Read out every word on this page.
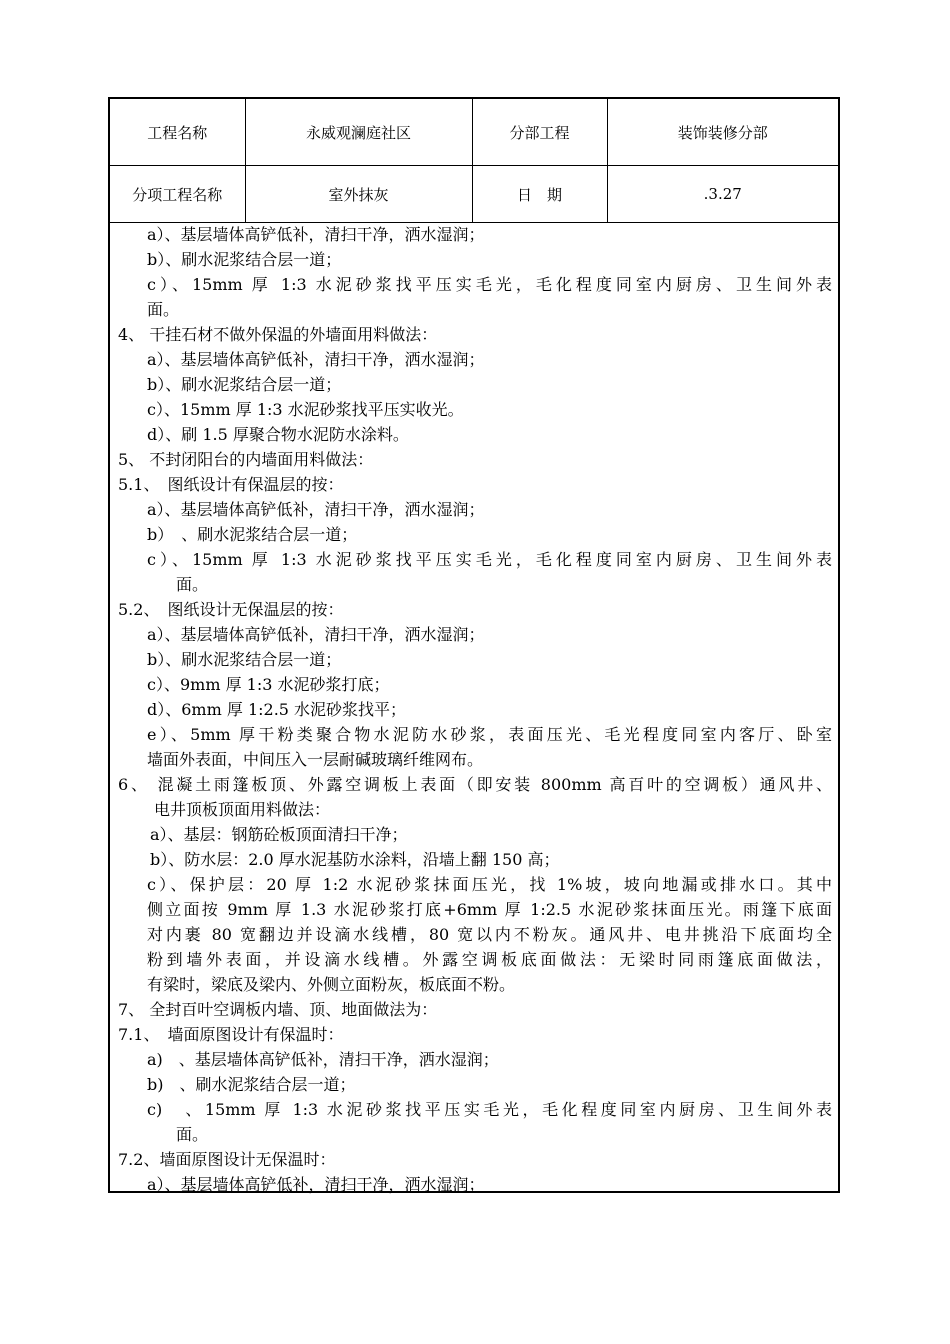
工程名称	永威观澜庭社区	分部工程	装饰装修分部
分项工程名称	室外抹灰	日　期	.3.27
a）、基层墙体高铲低补，清扫干净，洒水湿润；
b）、刷水泥浆结合层一道；
c）、15mm 厚 1:3 水泥砂浆找平压实毛光，毛化程度同室内厨房、卫生间外表
面。
4、 干挂石材不做外保温的外墙面用料做法：
a）、基层墙体高铲低补，清扫干净，洒水湿润；
b）、刷水泥浆结合层一道；
c）、15mm 厚 1:3 水泥砂浆找平压实收光。
d）、刷 1.5 厚聚合物水泥防水涂料。
5、 不封闭阳台的内墙面用料做法：
5.1、　图纸设计有保温层的按：
a）、基层墙体高铲低补，清扫干净，洒水湿润；
b）　、刷水泥浆结合层一道；
c）、15mm 厚 1:3 水泥砂浆找平压实毛光，毛化程度同室内厨房、卫生间外表
面。
5.2、　图纸设计无保温层的按：
a）、基层墙体高铲低补，清扫干净，洒水湿润；
b）、刷水泥浆结合层一道；
c）、9mm 厚 1:3 水泥砂浆打底；
d）、6mm 厚 1:2.5 水泥砂浆找平；
e）、5mm 厚干粉类聚合物水泥防水砂浆，表面压光、毛光程度同室内客厅、卧室
墙面外表面，中间压入一层耐碱玻璃纤维网布。
6、 混凝土雨篷板顶、外露空调板上表面（即安装 800mm 高百叶的空调板）通风井、
电井顶板顶面用料做法：
a）、基层：钢筋砼板顶面清扫干净；
b）、防水层：2.0 厚水泥基防水涂料，沿墙上翻 150 高；
c）、保护层：20 厚 1:2 水泥砂浆抹面压光，找 1%坡，坡向地漏或排水口。其中
侧立面按 9mm 厚 1.3 水泥砂浆打底+6mm 厚 1:2.5 水泥砂浆抹面压光。雨篷下底面
对内裹 80 宽翻边并设滴水线槽，80 宽以内不粉灰。通风井、电井挑沿下底面均全
粉到墙外表面，并设滴水线槽。外露空调板底面做法：无梁时同雨篷底面做法，
有梁时，梁底及梁内、外侧立面粉灰，板底面不粉。
7、 全封百叶空调板内墙、顶、地面做法为：
7.1、　墙面原图设计有保温时：
a)　、基层墙体高铲低补，清扫干净，洒水湿润；
b)　、刷水泥浆结合层一道；
c)　、15mm 厚 1:3 水泥砂浆找平压实毛光，毛化程度同室内厨房、卫生间外表
面。
7.2、墙面原图设计无保温时：
a）、基层墙体高铲低补，清扫干净，洒水湿润；
